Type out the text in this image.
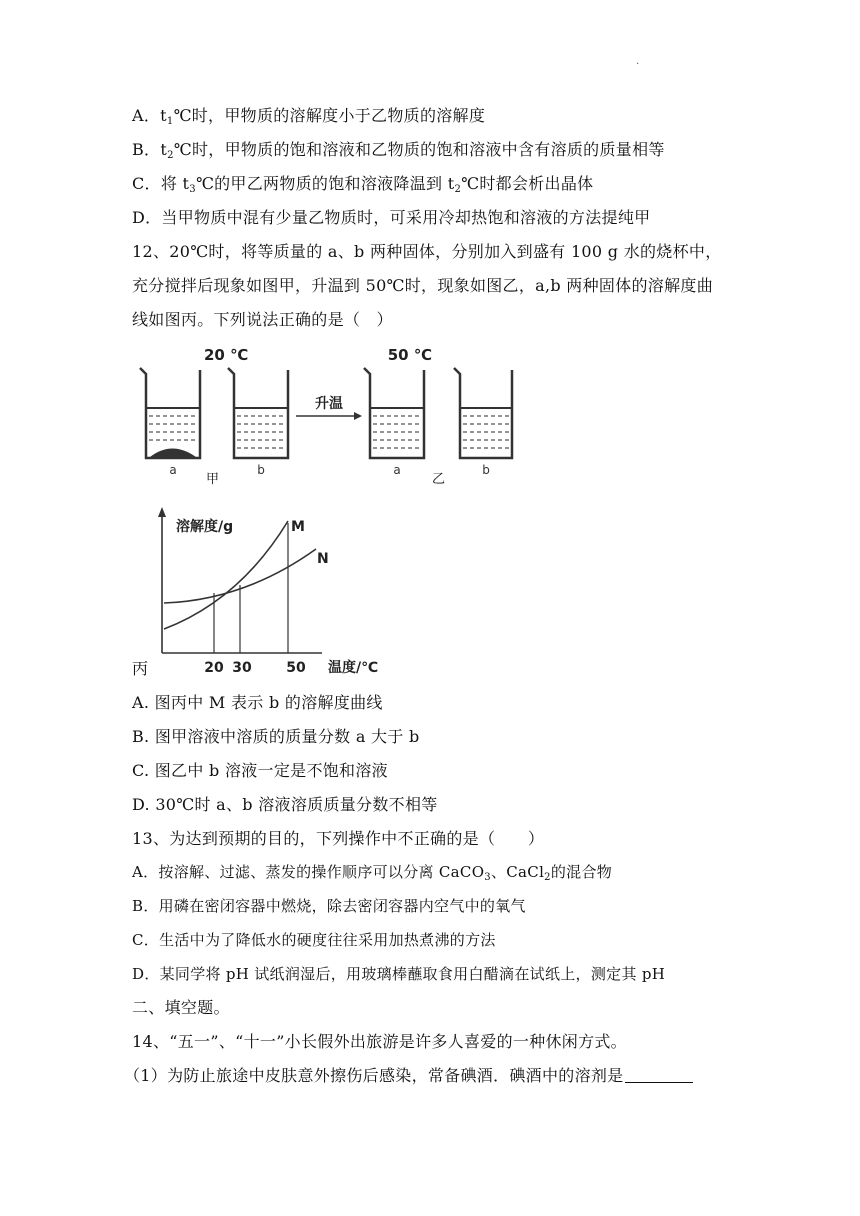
.
A．$t_1℃$时，甲物质的溶解度小于乙物质的溶解度
B．$t_2℃$时，甲物质的饱和溶液和乙物质的饱和溶液中含有溶质的质量相等
C．将 $t_3℃$的甲乙两物质的饱和溶液降温到 $t_2℃$时都会析出晶体
D．当甲物质中混有少量乙物质时，可采用冷却热饱和溶液的方法提纯甲
12、20℃时，将等质量的 a、b 两种固体，分别加入到盛有 100 g 水的烧杯中，
充分搅拌后现象如图甲，升温到 50℃时，现象如图乙，a,b 两种固体的溶解度曲
线如图丙。下列说法正确的是（　）
20 ℃	50 ℃
升温
a	b	a	b
甲	乙
丙
溶解度/g	M
N
20 30 50 温度/℃
A. 图丙中 M 表示 b 的溶解度曲线
B. 图甲溶液中溶质的质量分数 a 大于 b
C. 图乙中 b 溶液一定是不饱和溶液
D. 30℃时 a、b 溶液溶质质量分数不相等
13、为达到预期的目的，下列操作中不正确的是（　　）
A．按溶解、过滤、蒸发的操作顺序可以分离 CaCO$_3$、CaCl$_2$的混合物
B．用磷在密闭容器中燃烧，除去密闭容器内空气中的氧气
C．生活中为了降低水的硬度往往采用加热煮沸的方法
D．某同学将 pH 试纸润湿后，用玻璃棒蘸取食用白醋滴在试纸上，测定其 pH
二、填空题。
14、“五一”、“十一”小长假外出旅游是许多人喜爱的一种休闲方式。
（1）为防止旅途中皮肤意外擦伤后感染，常备碘酒．碘酒中的溶剂是
